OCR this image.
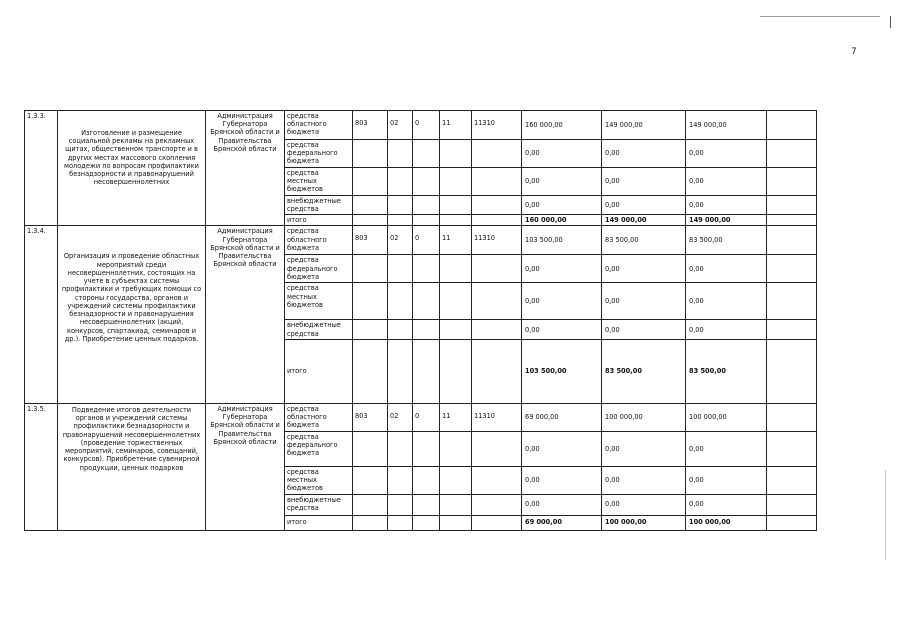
7
1.3.3.	Изготовление и размещение социальной рекламы на рекламных щитах, общественном транспорте и в других местах массового скопления молодежи по вопросам профилактики безнадзорности и правонарушений несовершеннолетних	Администрация Губернатора Брянской области и Правительства Брянской области	средства областного бюджета	803	02	0	11	11310	160 000,00	149 000,00	149 000,00	
			средства федерального бюджета						0,00	0,00	0,00	
			средства местных бюджетов						0,00	0,00	0,00	
			внебюджетные средства						0,00	0,00	0,00	
			итого						160 000,00	149 000,00	149 000,00	
1.3.4.	Организация и проведение областных мероприятий среди несовершеннолетних, состоящих на учете в субъектах системы профилактики и требующих помощи со стороны государства, органов и учреждений системы профилактики безнадзорности и правонарушения несовершеннолетних (акций, конкурсов, спартакиад, семинаров и др.). Приобретение ценных подарков.	Администрация Губернатора Брянской области и Правительства Брянской области	средства областного бюджета	803	02	0	11	11310	103 500,00	83 500,00	83 500,00	
			средства федерального бюджета						0,00	0,00	0,00	
			средства местных бюджетов						0,00	0,00	0,00	
			внебюджетные средства						0,00	0,00	0,00	
			итого						103 500,00	83 500,00	83 500,00	
1.3.5.	Подведение итогов деятельности органов и учреждений системы профилактики безнадзорности и правонарушений несовершеннолетних (проведение торжественных мероприятий, семинаров, совещаний, конкурсов). Приобретение сувенирной продукции, ценных подарков	Администрация Губернатора Брянской области и Правительства Брянской области	средства областного бюджета	803	02	0	11	11310	69 000,00	100 000,00	100 000,00	
			средства федерального бюджета						0,00	0,00	0,00	
			средства местных бюджетов						0,00	0,00	0,00	
			внебюджетные средства						0,00	0,00	0,00	
			итого						69 000,00	100 000,00	100 000,00	
